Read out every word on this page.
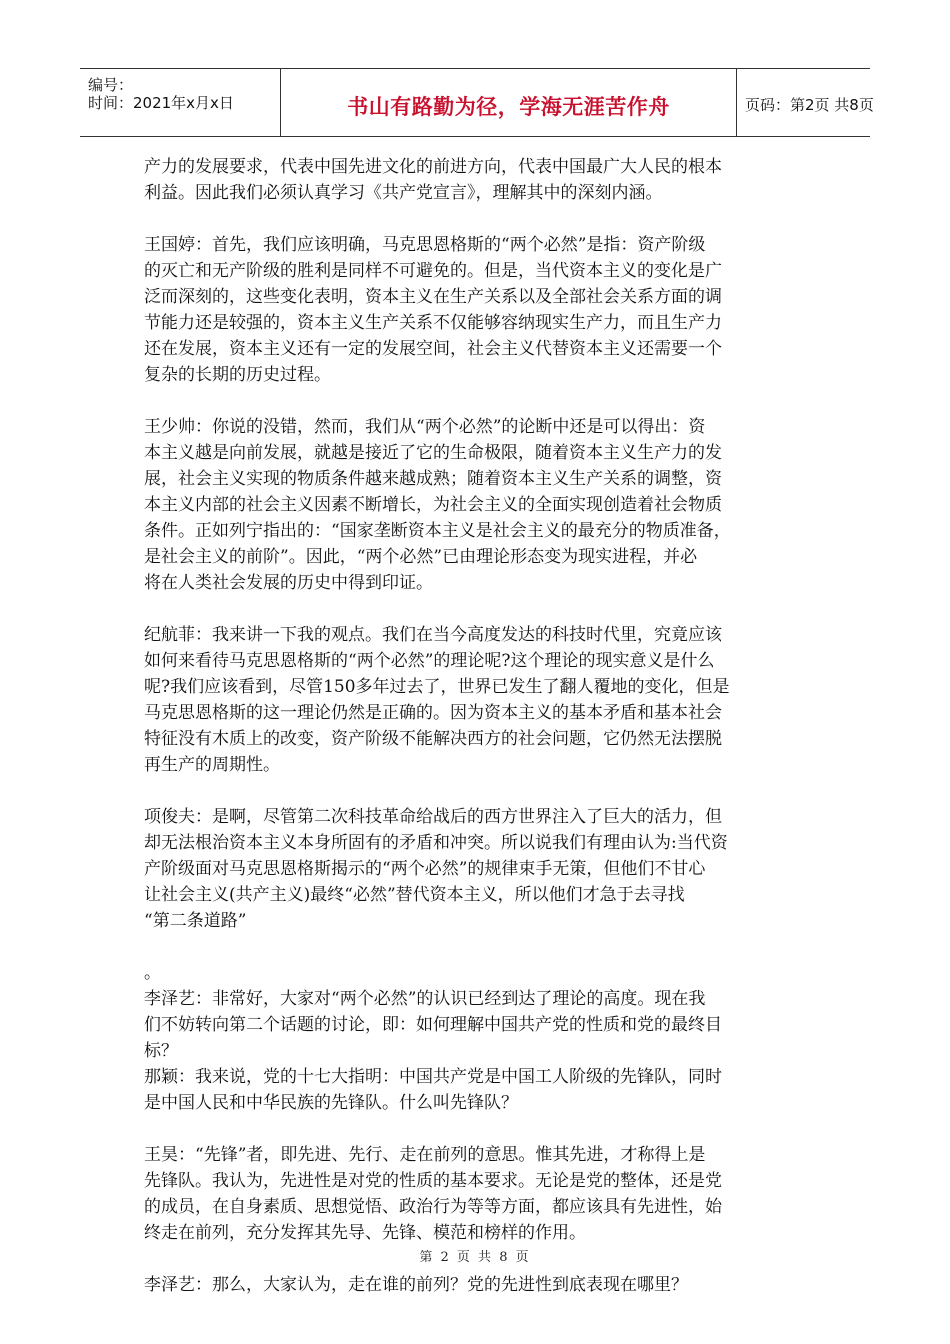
编号：
时间：2021年x月x日	书山有路勤为径，学海无涯苦作舟	页码：第2页 共8页

产力的发展要求，代表中国先进文化的前进方向，代表中国最广大人民的根本

利益。因此我们必须认真学习《共产党宣言》，理解其中的深刻内涵。

王国婷：首先，我们应该明确，马克思恩格斯的“两个必然”是指：资产阶级

的灭亡和无产阶级的胜利是同样不可避免的。但是，当代资本主义的变化是广

泛而深刻的，这些变化表明，资本主义在生产关系以及全部社会关系方面的调

节能力还是较强的，资本主义生产关系不仅能够容纳现实生产力，而且生产力

还在发展，资本主义还有一定的发展空间，社会主义代替资本主义还需要一个

复杂的长期的历史过程。

王少帅：你说的没错，然而，我们从“两个必然”的论断中还是可以得出：资

本主义越是向前发展，就越是接近了它的生命极限，随着资本主义生产力的发

展，社会主义实现的物质条件越来越成熟；随着资本主义生产关系的调整，资

本主义内部的社会主义因素不断增长，为社会主义的全面实现创造着社会物质

条件。正如列宁指出的：“国家垄断资本主义是社会主义的最充分的物质准备，

是社会主义的前阶”。因此，“两个必然”已由理论形态变为现实进程，并必

将在人类社会发展的历史中得到印证。

纪航菲：我来讲一下我的观点。我们在当今高度发达的科技时代里，究竟应该

如何来看待马克思恩格斯的“两个必然”的理论呢?这个理论的现实意义是什么

呢?我们应该看到，尽管150多年过去了，世界已发生了翻人覆地的变化，但是

马克思恩格斯的这一理论仍然是正确的。因为资本主义的基本矛盾和基本社会

特征没有木质上的改变，资产阶级不能解决西方的社会问题，它仍然无法摆脱

再生产的周期性。

项俊夫：是啊，尽管第二次科技革命给战后的西方世界注入了巨大的活力，但

却无法根治资本主义本身所固有的矛盾和冲突。所以说我们有理由认为:当代资

产阶级面对马克思恩格斯揭示的“两个必然”的规律束手无策，但他们不甘心

让社会主义(共产主义)最终“必然”替代资本主义，所以他们才急于去寻找

“第二条道路”

。

李泽艺：非常好，大家对“两个必然”的认识已经到达了理论的高度。现在我

们不妨转向第二个话题的讨论，即：如何理解中国共产党的性质和党的最终目

标？

那颖：我来说，党的十七大指明：中国共产党是中国工人阶级的先锋队，同时

是中国人民和中华民族的先锋队。什么叫先锋队？

王昊：“先锋”者，即先进、先行、走在前列的意思。惟其先进，才称得上是

先锋队。我认为，先进性是对党的性质的基本要求。无论是党的整体，还是党

的成员，在自身素质、思想觉悟、政治行为等等方面，都应该具有先进性，始

终走在前列，充分发挥其先导、先锋、模范和榜样的作用。

李泽艺：那么，大家认为，走在谁的前列？党的先进性到底表现在哪里？

第 2 页 共 8 页
